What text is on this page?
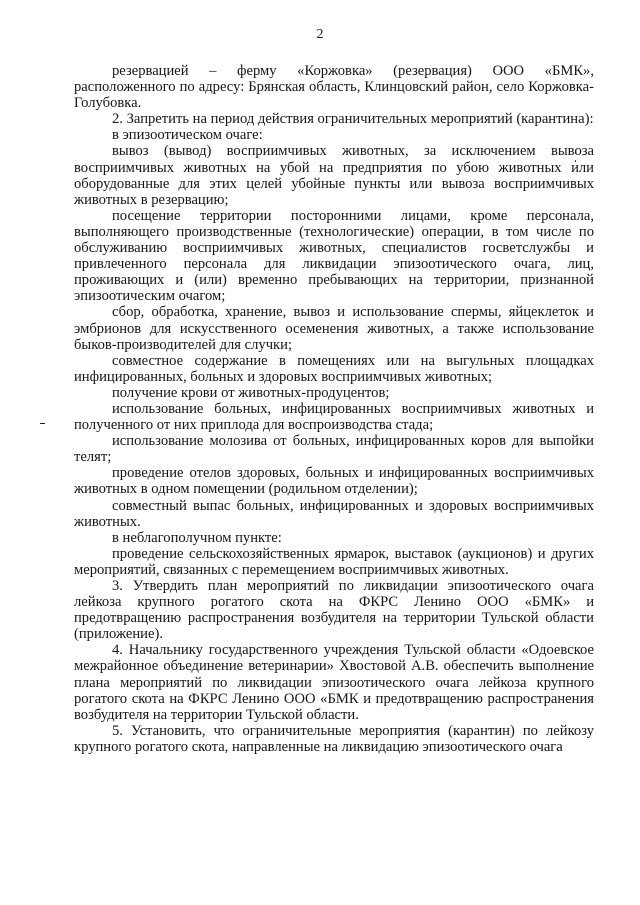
2

резервацией – ферму «Коржовка» (резервация) ООО «БМК», расположенного по адресу: Брянская область, Клинцовский район, село Коржовка-Голубовка.

2. Запретить на период действия ограничительных мероприятий (карантина):

в эпизоотическом очаге:

вывоз (вывод) восприимчивых животных, за исключением вывоза восприимчивых животных на убой на предприятия по убою животных или оборудованные для этих целей убойные пункты или вывоза восприимчивых животных в резервацию;

посещение территории посторонними лицами, кроме персонала, выполняющего производственные (технологические) операции, в том числе по обслуживанию восприимчивых животных, специалистов госветслужбы и привлеченного персонала для ликвидации эпизоотического очага, лиц, проживающих и (или) временно пребывающих на территории, признанной эпизоотическим очагом;

сбор, обработка, хранение, вывоз и использование спермы, яйцеклеток и эмбрионов для искусственного осеменения животных, а также использование быков-производителей для случки;

совместное содержание в помещениях или на выгульных площадках инфицированных, больных и здоровых восприимчивых животных;

получение крови от животных-продуцентов;

использование больных, инфицированных восприимчивых животных и полученного от них приплода для воспроизводства стада;

использование молозива от больных, инфицированных коров для выпойки телят;

проведение отелов здоровых, больных и инфицированных восприимчивых животных в одном помещении (родильном отделении);

совместный выпас больных, инфицированных и здоровых восприимчивых животных.

в неблагополучном пункте:

проведение сельскохозяйственных ярмарок, выставок (аукционов) и других мероприятий, связанных с перемещением восприимчивых животных.

3. Утвердить план мероприятий по ликвидации эпизоотического очага лейкоза крупного рогатого скота на ФКРС Ленино ООО «БМК» и предотвращению распространения возбудителя на территории Тульской области (приложение).

4. Начальнику государственного учреждения Тульской области «Одоевское межрайонное объединение ветеринарии» Хвостовой А.В. обеспечить выполнение плана мероприятий по ликвидации эпизоотического очага лейкоза крупного рогатого скота на ФКРС Ленино ООО «БМК и предотвращению распространения возбудителя на территории Тульской области.

5. Установить, что ограничительные мероприятия (карантин) по лейкозу крупного рогатого скота, направленные на ликвидацию эпизоотического очага
